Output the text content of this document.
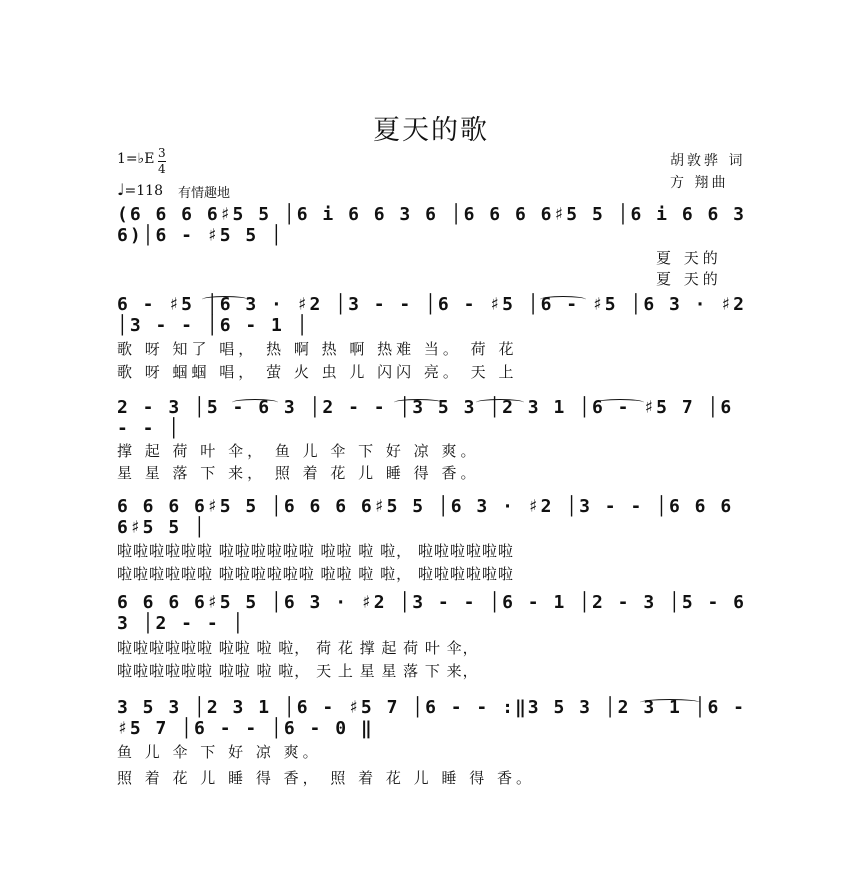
夏天的歌
1=♭E 3
4
♩=118 有情趣地
胡敦骅 词
方 翔曲
(6 6 6 6♯5 5 │6 i 6 6 3 6 │6 6 6 6♯5 5 │6 i 6 6 3 6)│6 - ♯5 5 │
夏 天的
夏 天的
6 - ♯5 │6 3 · ♯2 │3 - - │6 - ♯5 │6 - ♯5 │6 3 · ♯2 │3 - - │6 - 1 │
歌 呀 知了 唱， 热 啊 热 啊 热难 当。 荷 花
歌 呀 蝈蝈 唱， 萤 火 虫 儿 闪闪 亮。 天 上
2 - 3 │5 - 6 3 │2 - - │3 5 3 │2 3 1 │6 - ♯5 7 │6 - - │
撑 起 荷 叶 伞， 鱼 儿 伞 下 好 凉 爽。
星 星 落 下 来， 照 着 花 儿 睡 得 香。
6 6 6 6♯5 5 │6 6 6 6♯5 5 │6 3 · ♯2 │3 - - │6 6 6 6♯5 5 │
啦啦啦啦啦啦 啦啦啦啦啦啦 啦啦 啦 啦， 啦啦啦啦啦啦
啦啦啦啦啦啦 啦啦啦啦啦啦 啦啦 啦 啦， 啦啦啦啦啦啦
6 6 6 6♯5 5 │6 3 · ♯2 │3 - - │6 - 1 │2 - 3 │5 - 6 3 │2 - - │
啦啦啦啦啦啦 啦啦 啦 啦， 荷 花 撑 起 荷 叶 伞，
啦啦啦啦啦啦 啦啦 啦 啦， 天 上 星 星 落 下 来，
3 5 3 │2 3 1 │6 - ♯5 7 │6 - - :‖3 5 3 │2 3 1 │6 - ♯5 7 │6 - - │6 - 0 ‖
鱼 儿 伞 下 好 凉 爽。
照 着 花 儿 睡 得 香， 照 着 花 儿 睡 得 香。
